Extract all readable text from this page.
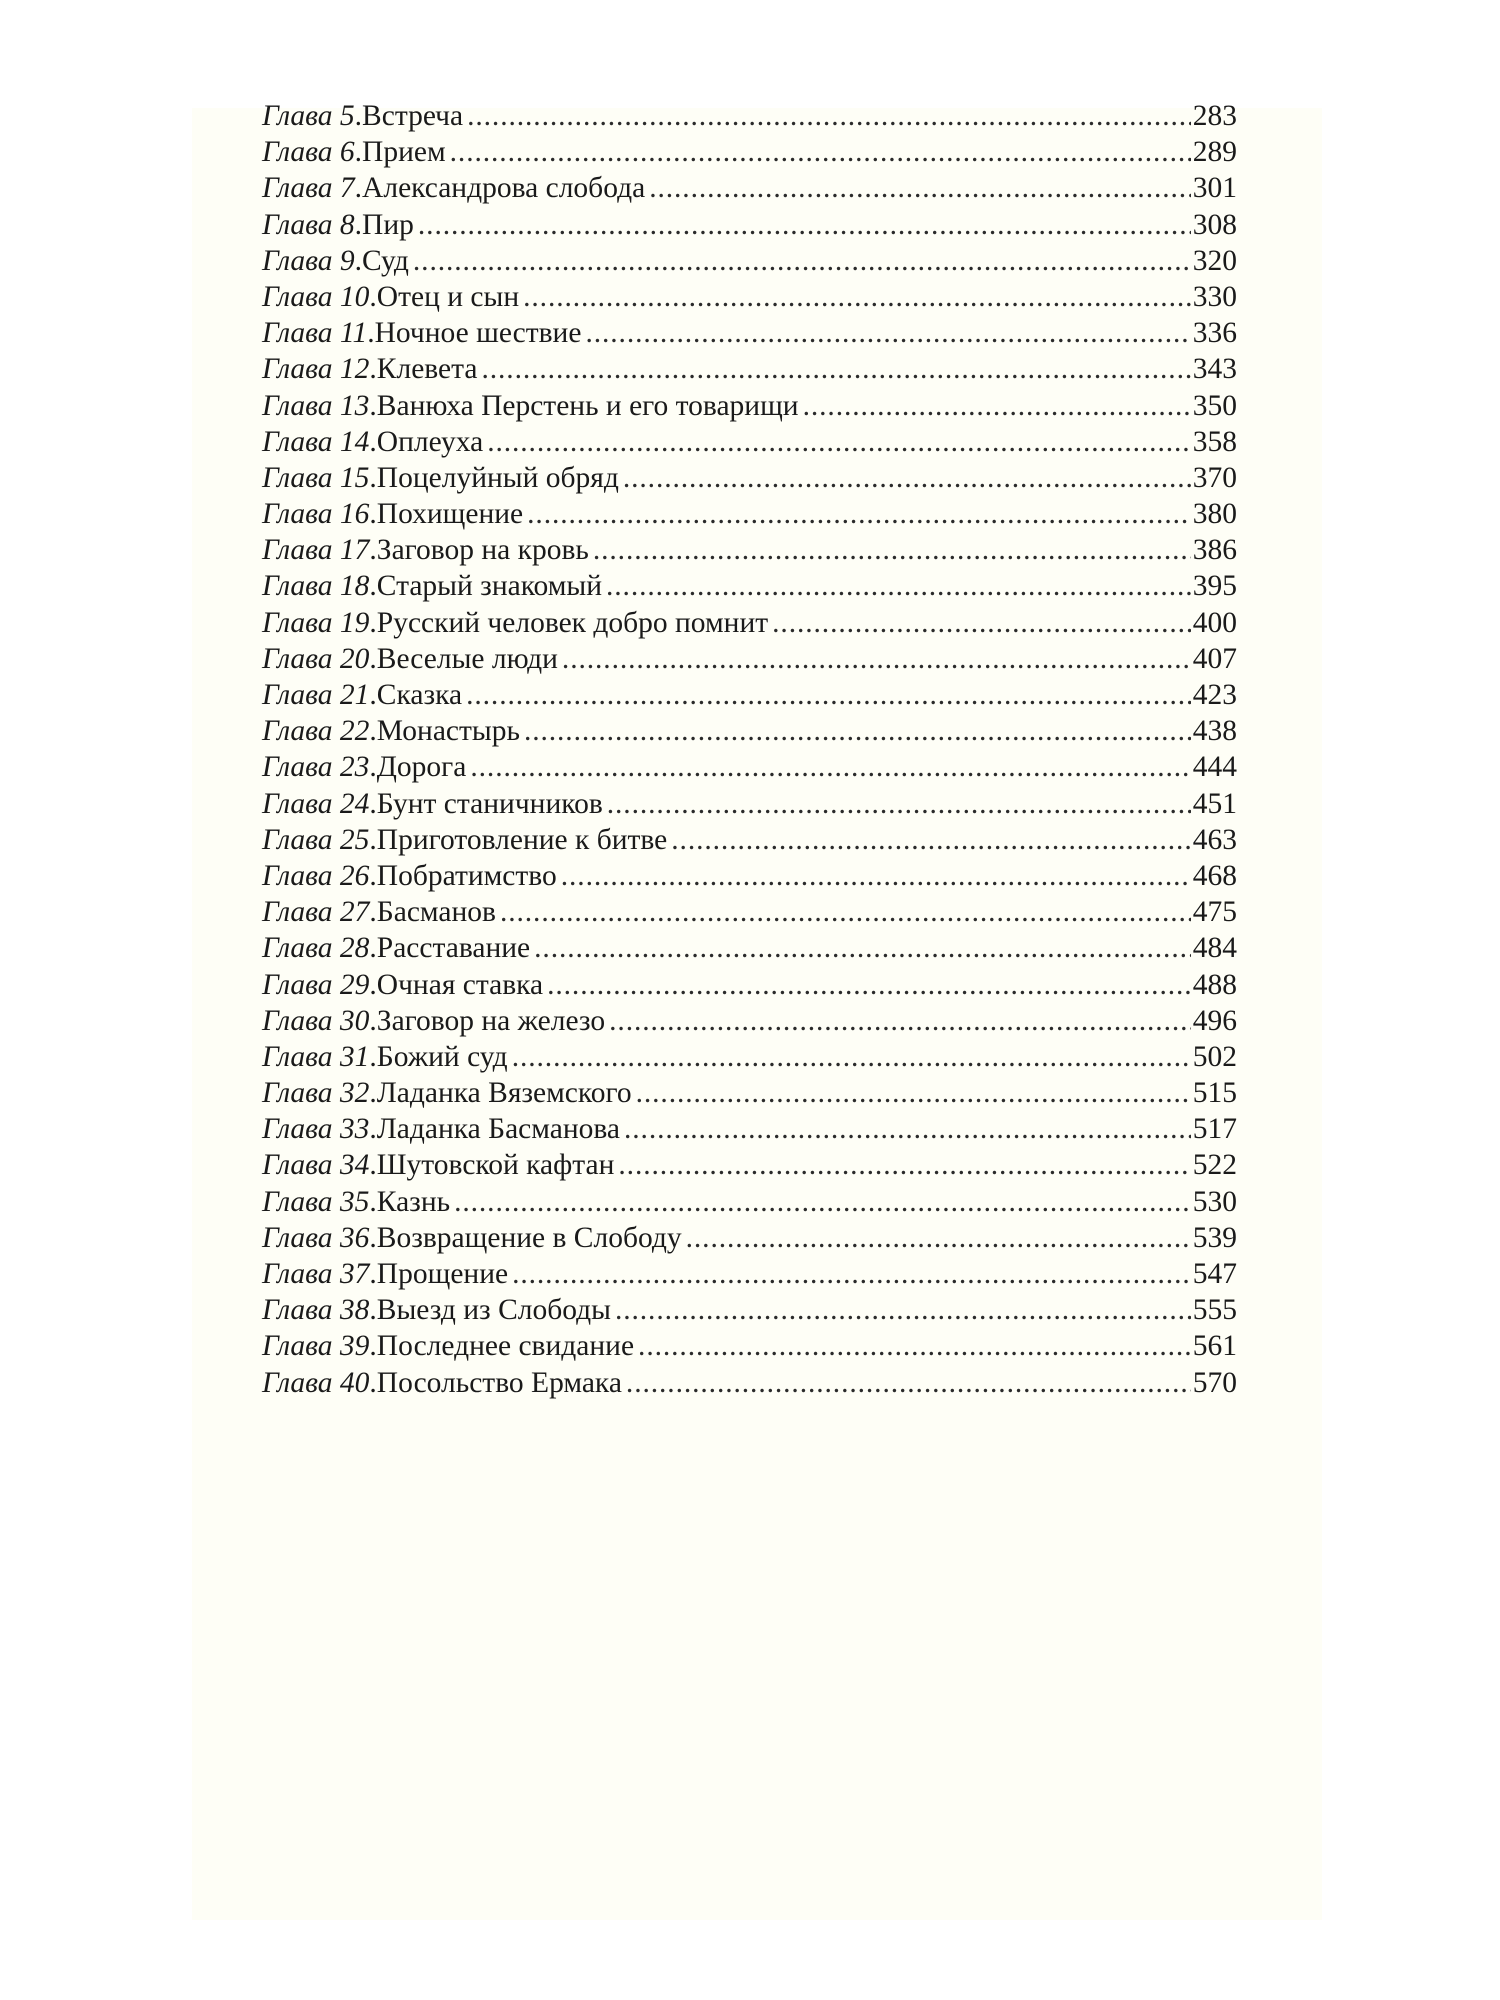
Глава 5 . Встреча .....	283
Глава 6 . Прием .....	289
Глава 7 . Александрова слобода .....	301
Глава 8 . Пир .....	308
Глава 9 . Суд .....	320
Глава 10 . Отец и сын .....	330
Глава 11 . Ночное шествие .....	336
Глава 12 . Клевета .....	343
Глава 13 . Ванюха Перстень и его товарищи .....	350
Глава 14 . Оплеуха .....	358
Глава 15 . Поцелуйный обряд .....	370
Глава 16 . Похищение .....	380
Глава 17 . Заговор на кровь .....	386
Глава 18 . Старый знакомый .....	395
Глава 19 . Русский человек добро помнит .....	400
Глава 20 . Веселые люди .....	407
Глава 21 . Сказка .....	423
Глава 22 . Монастырь .....	438
Глава 23 . Дорога .....	444
Глава 24 . Бунт станичников .....	451
Глава 25 . Приготовление к битве .....	463
Глава 26 . Побратимство .....	468
Глава 27 . Басманов .....	475
Глава 28 . Расставание .....	484
Глава 29 . Очная ставка .....	488
Глава 30 . Заговор на железо .....	496
Глава 31 . Божий суд .....	502
Глава 32 . Ладанка Вяземского .....	515
Глава 33 . Ладанка Басманова .....	517
Глава 34 . Шутовской кафтан .....	522
Глава 35 . Казнь .....	530
Глава 36 . Возвращение в Слободу .....	539
Глава 37 . Прощение .....	547
Глава 38 . Выезд из Слободы .....	555
Глава 39 . Последнее свидание .....	561
Глава 40 . Посольство Ермака .....	570
